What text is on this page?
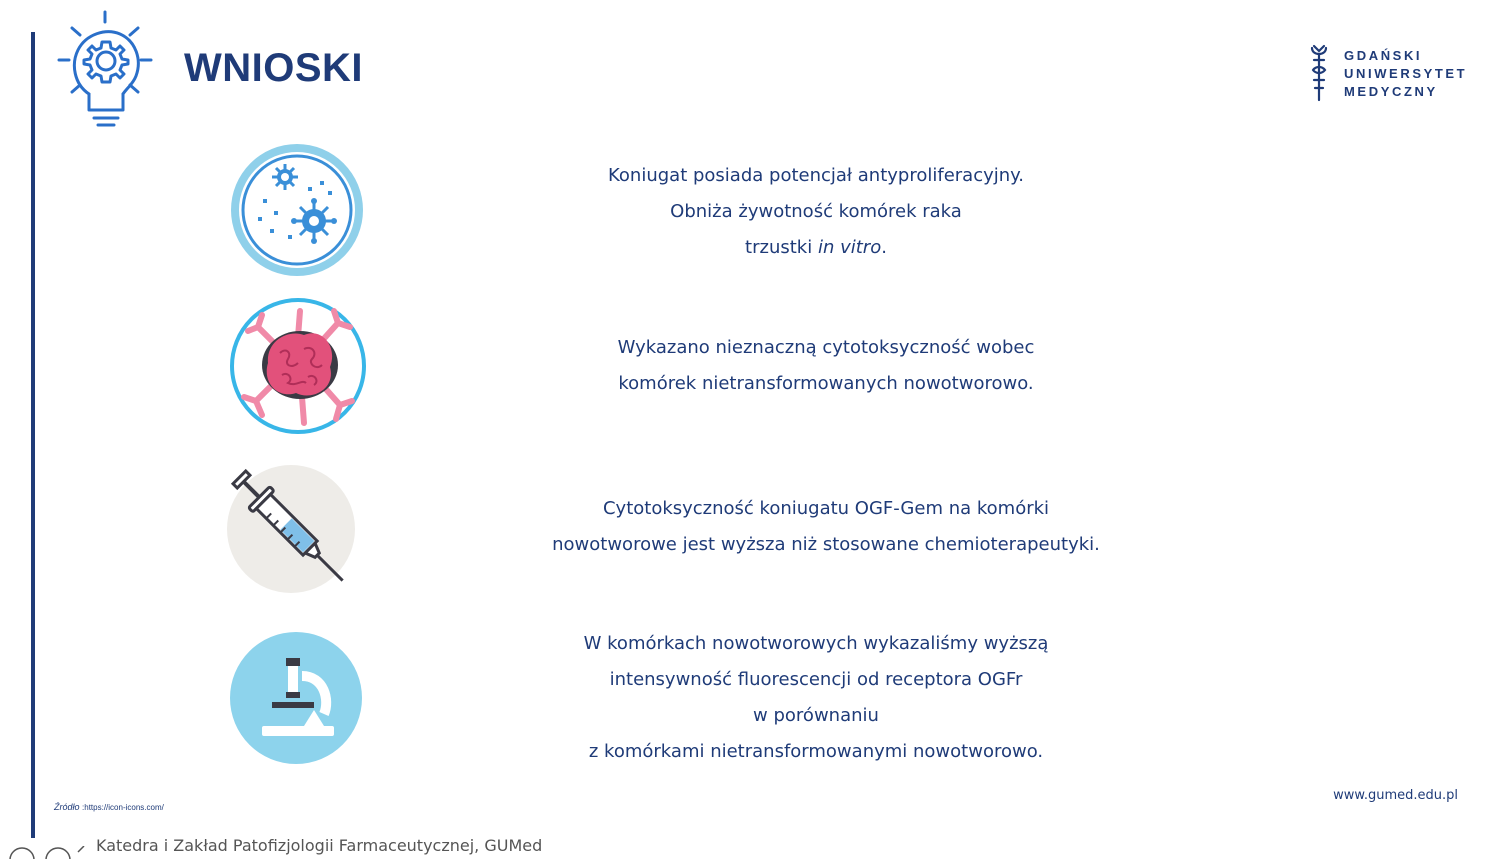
WNIOSKI	GDAŃSKI
UNIWERSYTET
MEDYCZNY
Koniugat posiada potencjał antyproliferacyjny.
Obniża żywotność komórek raka
trzustki in vitro.
Wykazano nieznaczną cytotoksyczność wobec
komórek nietransformowanych nowotworowo.
Cytotoksyczność koniugatu OGF-Gem na komórki
nowotworowe jest wyższa niż stosowane chemioterapeutyki.
W komórkach nowotworowych wykazaliśmy wyższą
intensywność fluorescencji od receptora OGFr
w porównaniu
z komórkami nietransformowanymi nowotworowo.
Źródło :https://icon-icons.com/
www.gumed.edu.pl
Katedra i Zakład Patofizjologii Farmaceutycznej, GUMed
